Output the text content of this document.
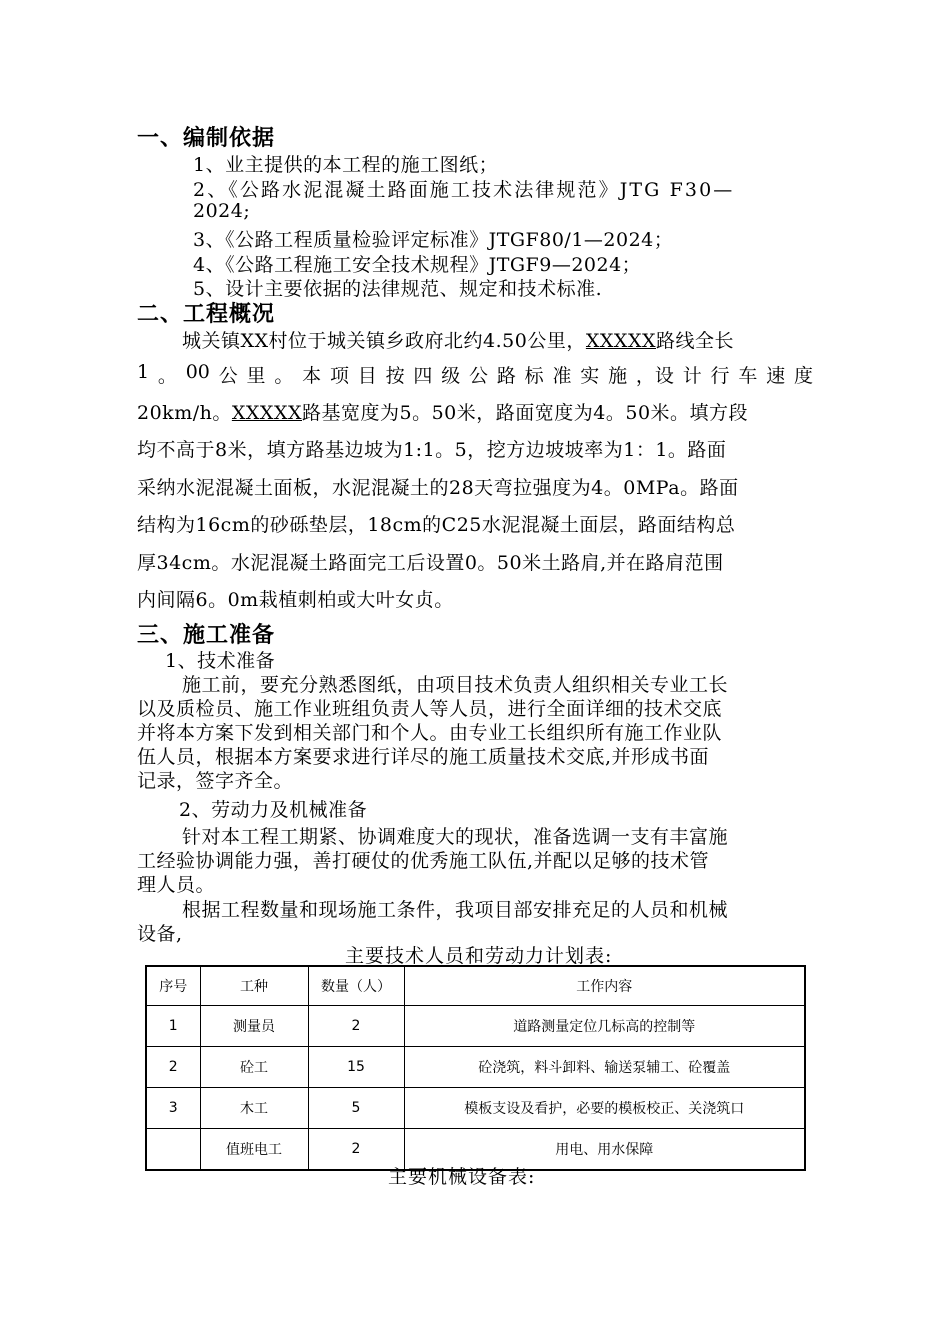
一、编制依据
1、业主提供的本工程的施工图纸；
2、《公路水泥混凝土路面施工技术法律规范》JTG F30—
2024;
3、《公路工程质量检验评定标准》JTGF80/1—2024；
4、《公路工程施工安全技术规程》JTGF9—2024；
5、设计主要依据的法律规范、规定和技术标准.
二、工程概况
城关镇XX村位于城关镇乡政府北约4.50公里，XXXXX路线全长
1 。 00 公 里 。 本 项 目 按 四 级 公 路 标 准 实 施 ，设 计 行 车 速 度
20km/h。XXXXX路基宽度为5。50米，路面宽度为4。50米。填方段
均不高于8米，填方路基边坡为1:1。5，挖方边坡坡率为1：1。路面
采纳水泥混凝土面板，水泥混凝土的28天弯拉强度为4。0MPa。路面
结构为16cm的砂砾垫层，18cm的C25水泥混凝土面层，路面结构总
厚34cm。水泥混凝土路面完工后设置0。50米土路肩,并在路肩范围
内间隔6。0m栽植刺柏或大叶女贞。
三、施工准备
1、技术准备
施工前，要充分熟悉图纸，由项目技术负责人组织相关专业工长
以及质检员、施工作业班组负责人等人员，进行全面详细的技术交底
并将本方案下发到相关部门和个人。由专业工长组织所有施工作业队
伍人员，根据本方案要求进行详尽的施工质量技术交底,并形成书面
记录，签字齐全。
2、劳动力及机械准备
针对本工程工期紧、协调难度大的现状，准备选调一支有丰富施
工经验协调能力强，善打硬仗的优秀施工队伍,并配以足够的技术管
理人员。
根据工程数量和现场施工条件，我项目部安排充足的人员和机械
设备,
主要技术人员和劳动力计划表:
序号	工种	数量（人）	工作内容
1	测量员	2	道路测量定位几标高的控制等
2	砼工	15	砼浇筑，料斗卸料、输送泵辅工、砼覆盖
3	木工	5	模板支设及看护，必要的模板校正、关浇筑口
	值班电工	2	用电、用水保障
主要机械设备表:
